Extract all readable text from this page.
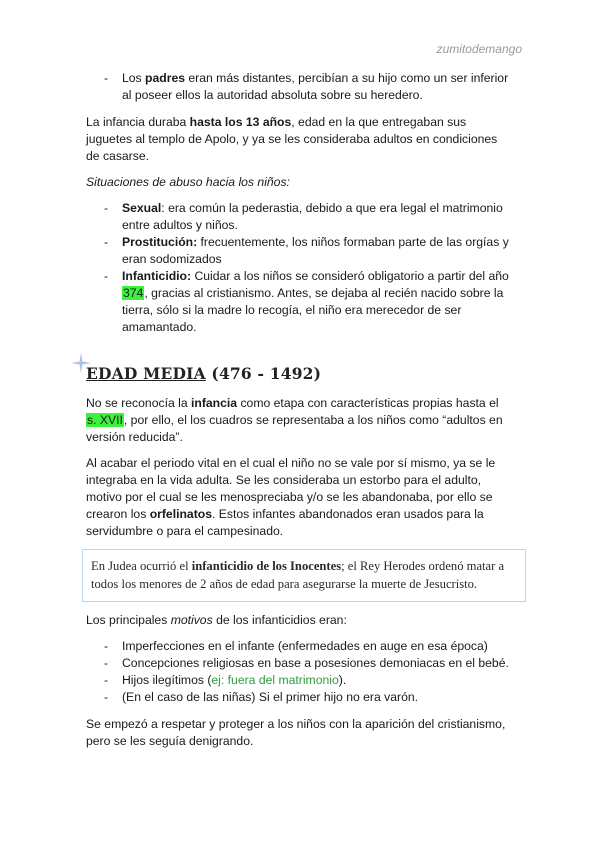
zumitodemango
- Los padres eran más distantes, percibían a su hijo como un ser inferior al poseer ellos la autoridad absoluta sobre su heredero.

La infancia duraba hasta los 13 años, edad en la que entregaban sus juguetes al templo de Apolo, y ya se les consideraba adultos en condiciones de casarse.

Situaciones de abuso hacia los niños:

- Sexual: era común la pederastia, debido a que era legal el matrimonio entre adultos y niños.
- Prostitución: frecuentemente, los niños formaban parte de las orgías y eran sodomizados
- Infanticidio: Cuidar a los niños se consideró obligatorio a partir del año 374, gracias al cristianismo. Antes, se dejaba al recién nacido sobre la tierra, sólo si la madre lo recogía, el niño era merecedor de ser amamantado.
EDAD MEDIA (476 - 1492)

No se reconocía la infancia como etapa con características propias hasta el s. XVII, por ello, el los cuadros se representaba a los niños como “adultos en versión reducida”.

Al acabar el periodo vital en el cual el niño no se vale por sí mismo, ya se le integraba en la vida adulta. Se les consideraba un estorbo para el adulto, motivo por el cual se les menospreciaba y/o se les abandonaba, por ello se crearon los orfelinatos. Estos infantes abandonados eran usados para la servidumbre o para el campesinado.

En Judea ocurrió el infanticidio de los Inocentes; el Rey Herodes ordenó matar a todos los menores de 2 años de edad para asegurarse la muerte de Jesucristo.

Los principales motivos de los infanticidios eran:

- Imperfecciones en el infante (enfermedades en auge en esa época)
- Concepciones religiosas en base a posesiones demoniacas en el bebé.
- Hijos ilegítimos (ej: fuera del matrimonio).
- (En el caso de las niñas) Si el primer hijo no era varón.

Se empezó a respetar y proteger a los niños con la aparición del cristianismo, pero se les seguía denigrando.
